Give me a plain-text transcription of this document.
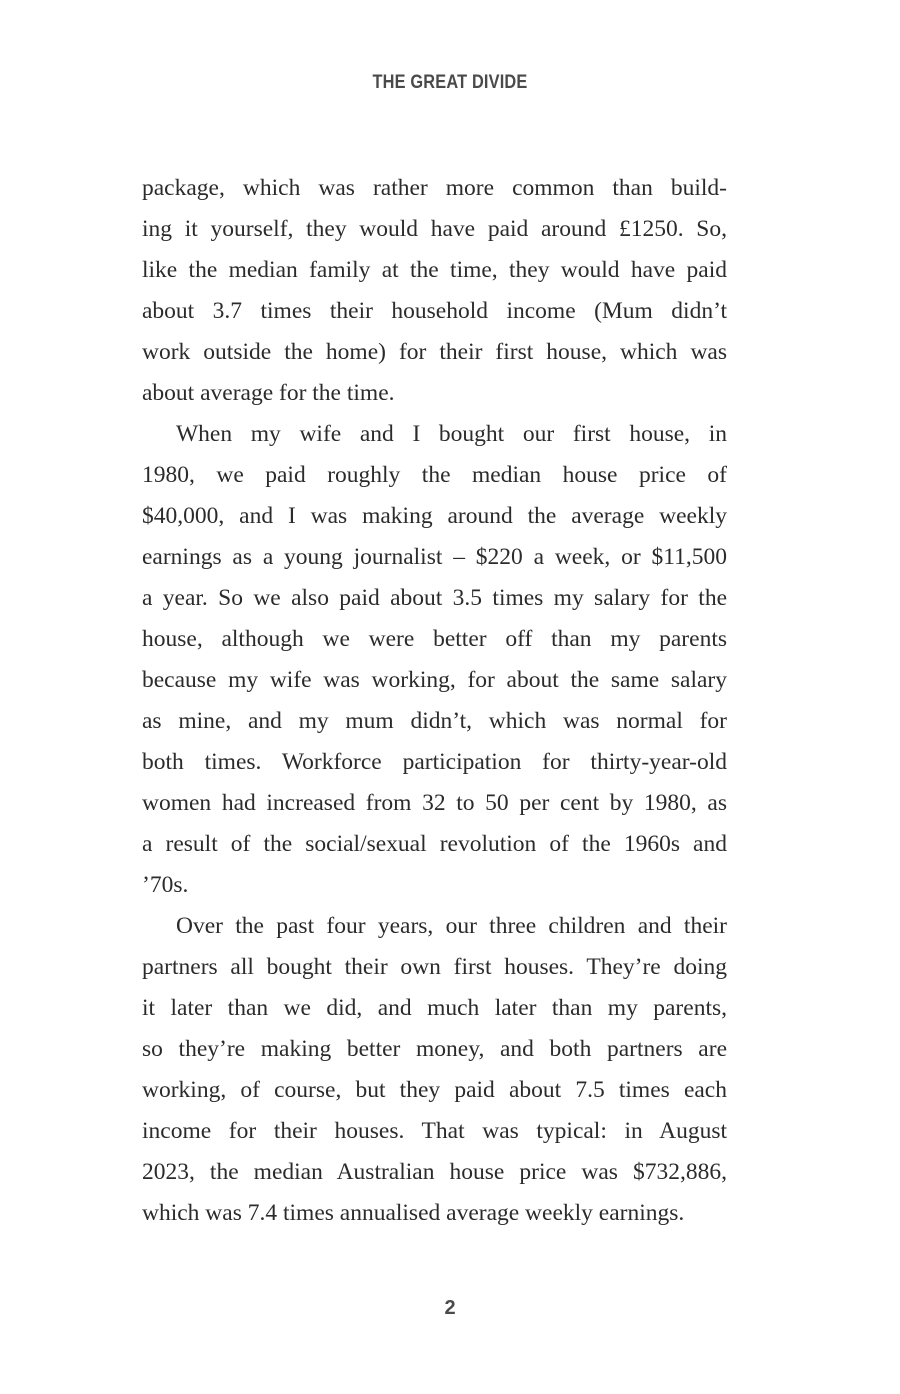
THE GREAT DIVIDE
package, which was rather more common than build-
ing it yourself, they would have paid around £1250. So,
like the median family at the time, they would have paid
about 3.7 times their household income (Mum didn’t
work outside the home) for their first house, which was
about average for the time.
When my wife and I bought our first house, in
1980, we paid roughly the median house price of
$40,000, and I was making around the average weekly
earnings as a young journalist – $220 a week, or $11,500
a year. So we also paid about 3.5 times my salary for the
house, although we were better off than my parents
because my wife was working, for about the same salary
as mine, and my mum didn’t, which was normal for
both times. Workforce participation for thirty-year-old
women had increased from 32 to 50 per cent by 1980, as
a result of the social/sexual revolution of the 1960s and
’70s.
Over the past four years, our three children and their
partners all bought their own first houses. They’re doing
it later than we did, and much later than my parents,
so they’re making better money, and both partners are
working, of course, but they paid about 7.5 times each
income for their houses. That was typical: in August
2023, the median Australian house price was $732,886,
which was 7.4 times annualised average weekly earnings.
2
